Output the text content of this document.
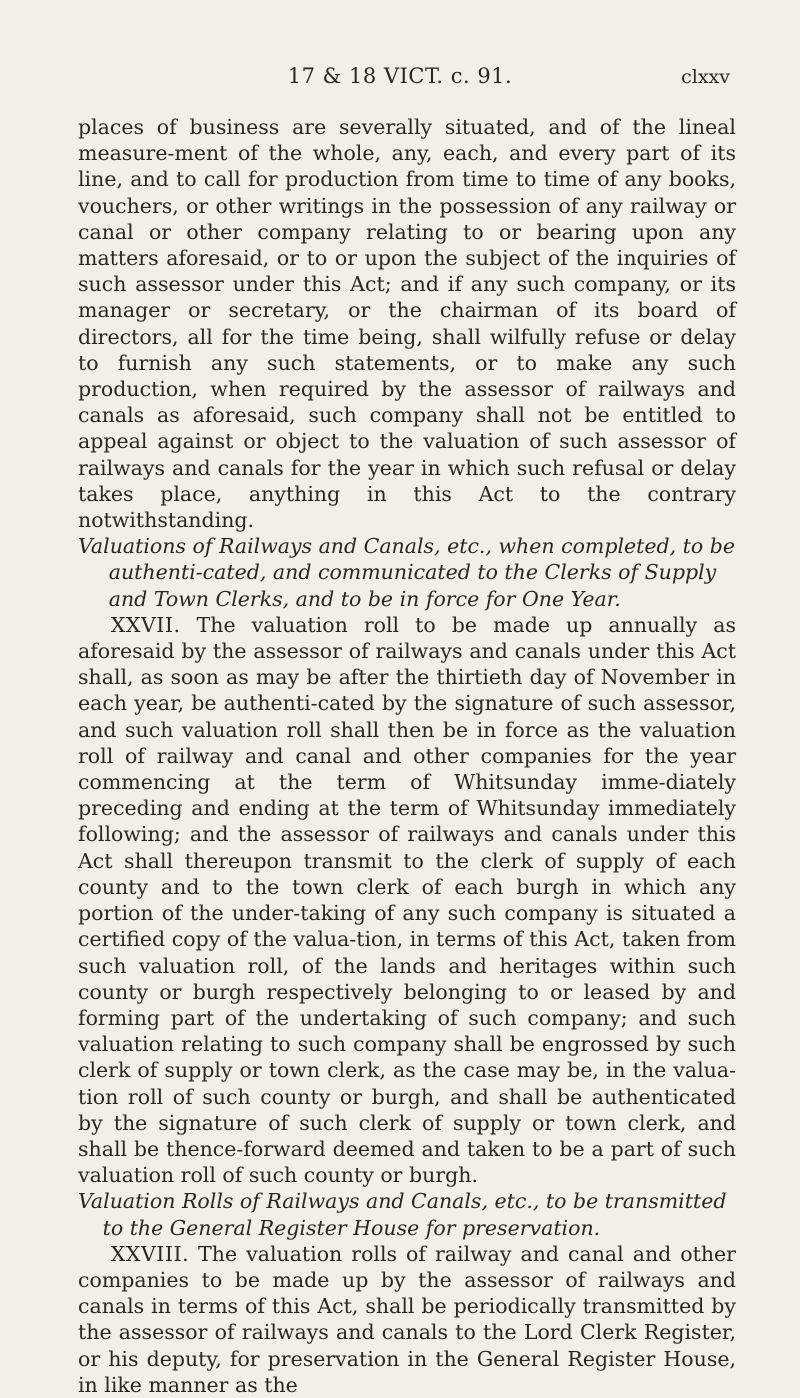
17 & 18 VICT. c. 91.	clxxv

places of business are severally situated, and of the lineal measure-ment of the whole, any, each, and every part of its line, and to call for production from time to time of any books, vouchers, or other writings in the possession of any railway or canal or other company relating to or bearing upon any matters aforesaid, or to or upon the subject of the inquiries of such assessor under this Act; and if any such company, or its manager or secretary, or the chairman of its board of directors, all for the time being, shall wilfully refuse or delay to furnish any such statements, or to make any such production, when required by the assessor of railways and canals as aforesaid, such company shall not be entitled to appeal against or object to the valuation of such assessor of railways and canals for the year in which such refusal or delay takes place, anything in this Act to the contrary notwithstanding.

Valuations of Railways and Canals, etc., when completed, to be authenti-cated, and communicated to the Clerks of Supply and Town Clerks, and to be in force for One Year.

XXVII. The valuation roll to be made up annually as aforesaid by the assessor of railways and canals under this Act shall, as soon as may be after the thirtieth day of November in each year, be authenti-cated by the signature of such assessor, and such valuation roll shall then be in force as the valuation roll of railway and canal and other companies for the year commencing at the term of Whitsunday imme-diately preceding and ending at the term of Whitsunday immediately following; and the assessor of railways and canals under this Act shall thereupon transmit to the clerk of supply of each county and to the town clerk of each burgh in which any portion of the under-taking of any such company is situated a certified copy of the valua-tion, in terms of this Act, taken from such valuation roll, of the lands and heritages within such county or burgh respectively belonging to or leased by and forming part of the undertaking of such company; and such valuation relating to such company shall be engrossed by such clerk of supply or town clerk, as the case may be, in the valua-tion roll of such county or burgh, and shall be authenticated by the signature of such clerk of supply or town clerk, and shall be thence-forward deemed and taken to be a part of such valuation roll of such county or burgh.

Valuation Rolls of Railways and Canals, etc., to be transmitted to the General Register House for preservation.

XXVIII. The valuation rolls of railway and canal and other companies to be made up by the assessor of railways and canals in terms of this Act, shall be periodically transmitted by the assessor of railways and canals to the Lord Clerk Register, or his deputy, for preservation in the General Register House, in like manner as the
